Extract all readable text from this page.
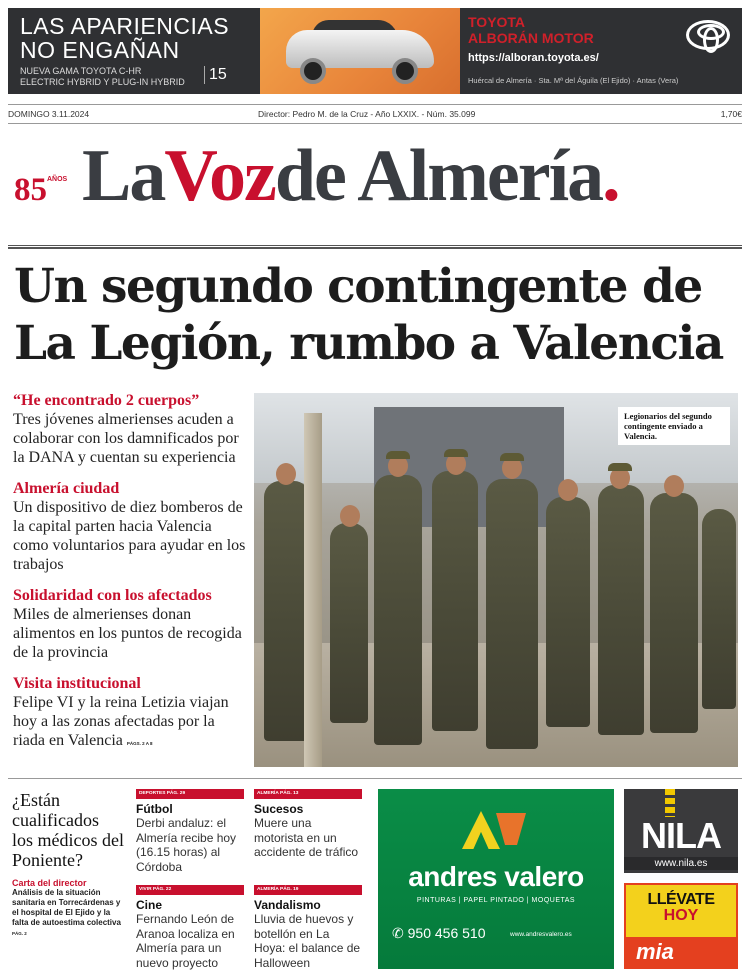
LAS APARIENCIAS NO ENGAÑAN
NUEVA GAMA TOYOTA C-HR
ELECTRIC HYBRID Y PLUG-IN HYBRID	15
TOYOTA
ALBORÁN MOTOR
https://alboran.toyota.es/
Huércal de Almería · Sta. Mª del Águila (El Ejido) · Antas (Vera)
DOMINGO 3.11.2024	Director: Pedro M. de la Cruz - Año LXXIX. - Núm. 35.099	1,70€
$85^{AÑOS}$ LaVozde Almería.
Un segundo contingente de La Legión, rumbo a Valencia
“He encontrado 2 cuerpos”
Tres jóvenes almerienses acuden a colaborar con los damnificados por la DANA y cuentan su experiencia
Almería ciudad
Un dispositivo de diez bomberos de la capital parten hacia Valencia como voluntarios para ayudar en los trabajos
Solidaridad con los afectados
Miles de almerienses donan alimentos en los puntos de recogida de la provincia
Visita institucional
Felipe VI y la reina Letizia viajan hoy a las zonas afectadas por la riada en Valencia PÁGS. 2 A 8
Legionarios del segundo contingente enviado a Valencia.
¿Están cualificados los médicos del Poniente?
Carta del director
Análisis de la situación sanitaria en Torrecárdenas y el hospital de El Ejido y la falta de autoestima colectiva PÁG. 2
DEPORTES PÁG. 29
Fútbol
Derbi andaluz: el Almería recibe hoy (16.15 horas) al Córdoba
ALMERÍA PÁG. 13
Sucesos
Muere una motorista en un accidente de tráfico
VIVIR PÁG. 22
Cine
Fernando León de Aranoa localiza en Almería para un nuevo proyecto
ALMERÍA PÁG. 19
Vandalismo
Lluvia de huevos y botellón en La Hoya: el balance de Halloween
andres valero
PINTURAS | PAPEL PINTADO | MOQUETAS
✆ 950 456 510	www.andresvalero.es
NILA
www.nila.es
LLÉVATE
HOY
mia
